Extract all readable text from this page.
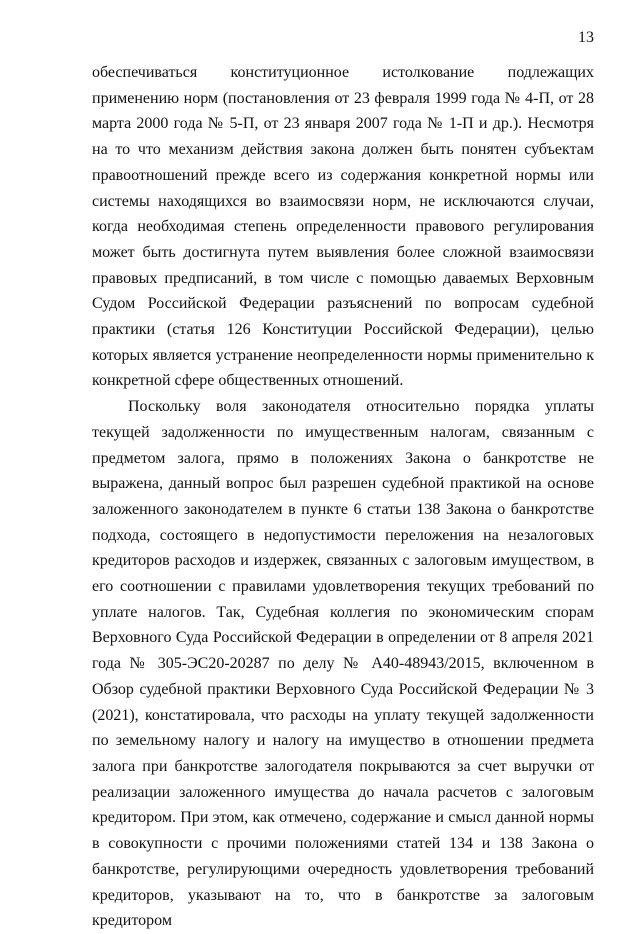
13

обеспечиваться конституционное истолкование подлежащих применению норм (постановления от 23 февраля 1999 года № 4-П, от 28 марта 2000 года № 5-П, от 23 января 2007 года № 1-П и др.). Несмотря на то что механизм действия закона должен быть понятен субъектам правоотношений прежде всего из содержания конкретной нормы или системы находящихся во взаимосвязи норм, не исключаются случаи, когда необходимая степень определенности правового регулирования может быть достигнута путем выявления более сложной взаимосвязи правовых предписаний, в том числе с помощью даваемых Верховным Судом Российской Федерации разъяснений по вопросам судебной практики (статья 126 Конституции Российской Федерации), целью которых является устранение неопределенности нормы применительно к конкретной сфере общественных отношений.

Поскольку воля законодателя относительно порядка уплаты текущей задолженности по имущественным налогам, связанным с предметом залога, прямо в положениях Закона о банкротстве не выражена, данный вопрос был разрешен судебной практикой на основе заложенного законодателем в пункте 6 статьи 138 Закона о банкротстве подхода, состоящего в недопустимости переложения на незалоговых кредиторов расходов и издержек, связанных с залоговым имуществом, в его соотношении с правилами удовлетворения текущих требований по уплате налогов. Так, Судебная коллегия по экономическим спорам Верховного Суда Российской Федерации в определении от 8 апреля 2021 года № 305-ЭС20-20287 по делу № А40-48943/2015, включенном в Обзор судебной практики Верховного Суда Российской Федерации № 3 (2021), констатировала, что расходы на уплату текущей задолженности по земельному налогу и налогу на имущество в отношении предмета залога при банкротстве залогодателя покрываются за счет выручки от реализации заложенного имущества до начала расчетов с залоговым кредитором. При этом, как отмечено, содержание и смысл данной нормы в совокупности с прочими положениями статей 134 и 138 Закона о банкротстве, регулирующими очередность удовлетворения требований кредиторов, указывают на то, что в банкротстве за залоговым кредитором
